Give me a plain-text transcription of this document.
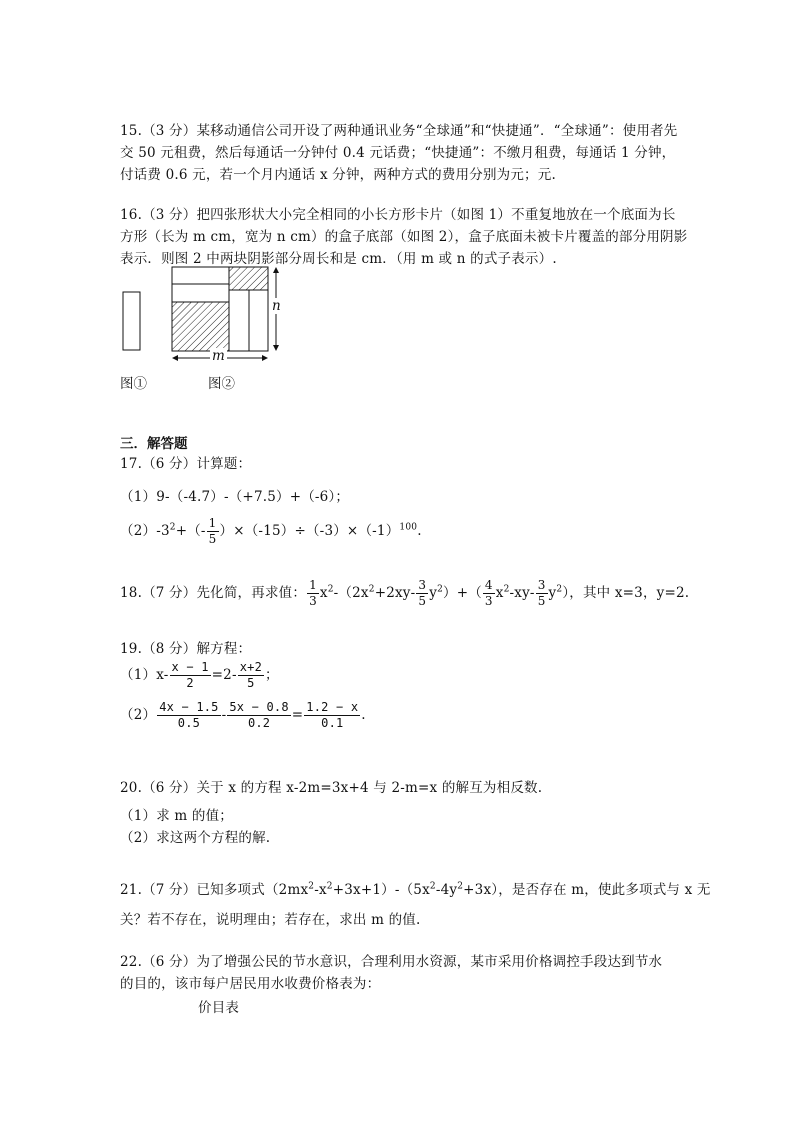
15.（3 分）某移动通信公司开设了两种通讯业务“全球通”和“快捷通”．“全球通”：使用者先
交 50 元租费，然后每通话一分钟付 0.4 元话费；“快捷通”：不缴月租费，每通话 1 分钟，
付话费 0.6 元，若一个月内通话 x 分钟，两种方式的费用分别为元；元.
16.（3 分）把四张形状大小完全相同的小长方形卡片（如图 1）不重复地放在一个底面为长
方形（长为 m cm，宽为 n cm）的盒子底部（如图 2），盒子底面未被卡片覆盖的部分用阴影
表示．则图 2 中两块阴影部分周长和是 cm．（用 m 或 n 的式子表示）.
m
n
图①	图②
三．解答题
17.（6 分）计算题：
（1）9-（-4.7）-（+7.5）+（-6）；
$(2)-3^2+(- \frac{1}{5} )\times(-15)\div(-3)\times(-1)^{100}$.
18.（7 分）先化简，再求值： $\frac{1}{3} x^2-(2x^2+2xy- \frac{3}{5} y^2)+( \frac{4}{3} x^2-xy- \frac{3}{5} y^2)$，其中 x=3，y=2.
19.（8 分）解方程：
$(1)x- \frac{x - 1}{2} =2- \frac{x+2}{5}$ ；
$(2) \frac{4x - 1.5}{0.5} - \frac{5x - 0.8}{0.2} = \frac{1.2 - x}{0.1}$ .
20.（6 分）关于 x 的方程 x-2m=3x+4 与 2-m=x 的解互为相反数.
（1）求 m 的值；
（2）求这两个方程的解.
21.（7 分）已知多项式$(2mx^2-x^2+3x+1)-(5x^2-4y^2+3x)$，是否存在 m，使此多项式与 x 无
关？若不存在，说明理由；若存在，求出 m 的值.
22.（6 分）为了增强公民的节水意识，合理利用水资源，某市采用价格调控手段达到节水
的目的，该市每户居民用水收费价格表为：
价目表
